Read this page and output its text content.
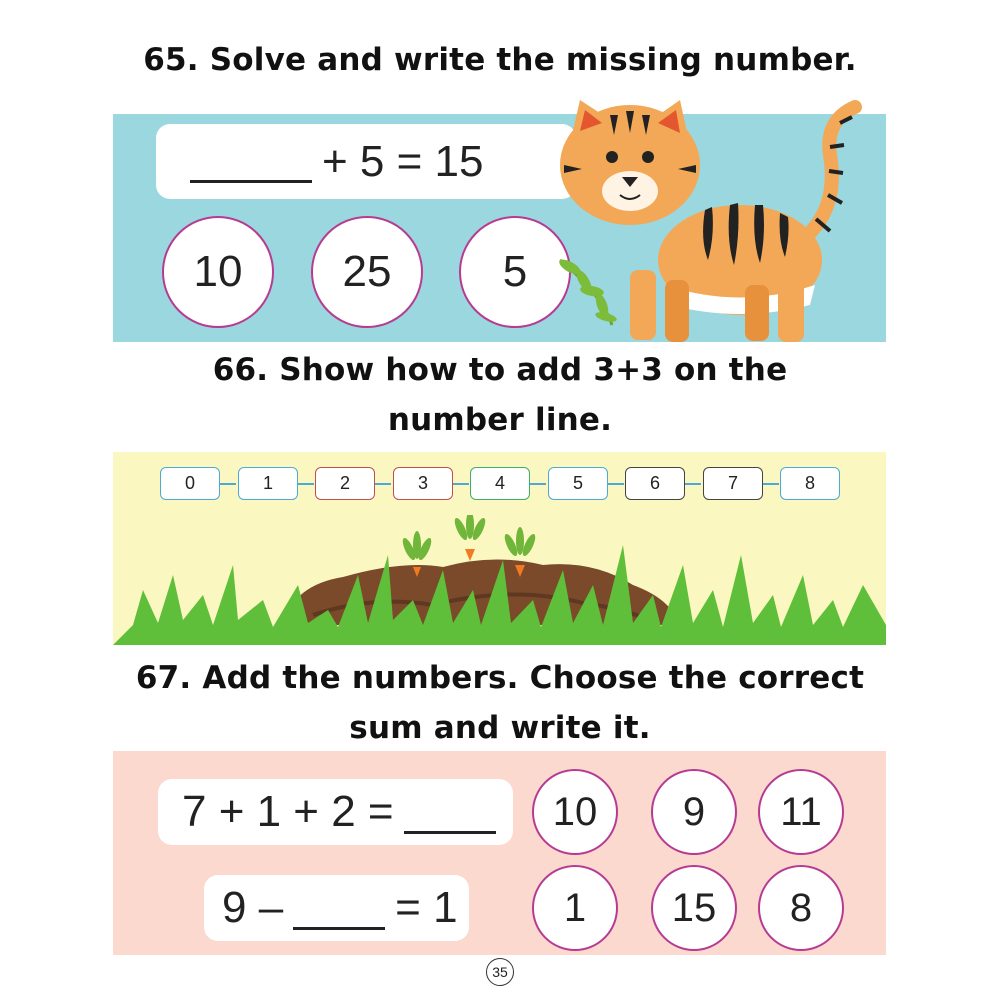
65. Solve and write the missing number.
+ 5 = 15
10	25	5
66. Show how to add 3+3 on the
number line.
0	1	2	3	4	5	6	7	8
67. Add the numbers. Choose the correct
sum and write it.
7 + 1 + 2 =
9 –	= 1
10	9	11
1	15	8
35
